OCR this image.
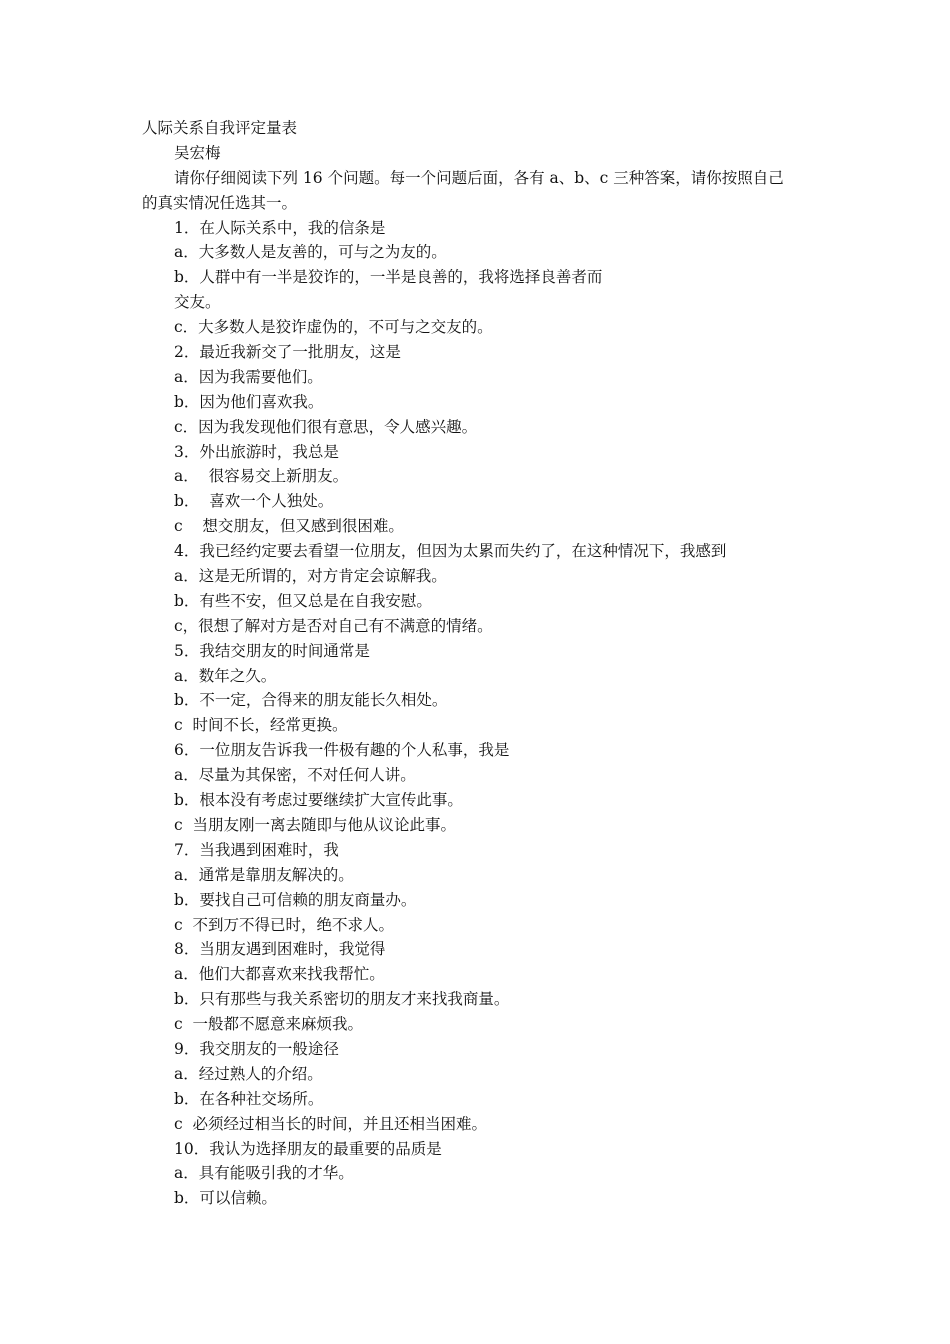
人际关系自我评定量表
吴宏梅
请你仔细阅读下列 16 个问题。每一个问题后面，各有 a、b、c 三种答案，请你按照自己
的真实情况任选其一。
1．在人际关系中，我的信条是
a．大多数人是友善的，可与之为友的。
b．人群中有一半是狡诈的，一半是良善的，我将选择良善者而
交友。
c．大多数人是狡诈虚伪的，不可与之交友的。
2．最近我新交了一批朋友，这是
a．因为我需要他们。
b．因为他们喜欢我。
c．因为我发现他们很有意思，令人感兴趣。
3．外出旅游时，我总是
a．  很容易交上新朋友。
b．  喜欢一个人独处。
c    想交朋友，但又感到很困难。
4．我已经约定要去看望一位朋友，但因为太累而失约了，在这种情况下，我感到
a．这是无所谓的，对方肯定会谅解我。
b．有些不安，但又总是在自我安慰。
c，很想了解对方是否对自己有不满意的情绪。
5．我结交朋友的时间通常是
a．数年之久。
b．不一定，合得来的朋友能长久相处。
c  时间不长，经常更换。
6．一位朋友告诉我一件极有趣的个人私事，我是
a．尽量为其保密，不对任何人讲。
b．根本没有考虑过要继续扩大宣传此事。
c  当朋友刚一离去随即与他从议论此事。
7．当我遇到困难时，我
a．通常是靠朋友解决的。
b．要找自己可信赖的朋友商量办。
c  不到万不得已时，绝不求人。
8．当朋友遇到困难时，我觉得
a．他们大都喜欢来找我帮忙。
b．只有那些与我关系密切的朋友才来找我商量。
c  一般都不愿意来麻烦我。
9．我交朋友的一般途径
a．经过熟人的介绍。
b．在各种社交场所。
c  必须经过相当长的时间，并且还相当困难。
10．我认为选择朋友的最重要的品质是
a．具有能吸引我的才华。
b．可以信赖。
